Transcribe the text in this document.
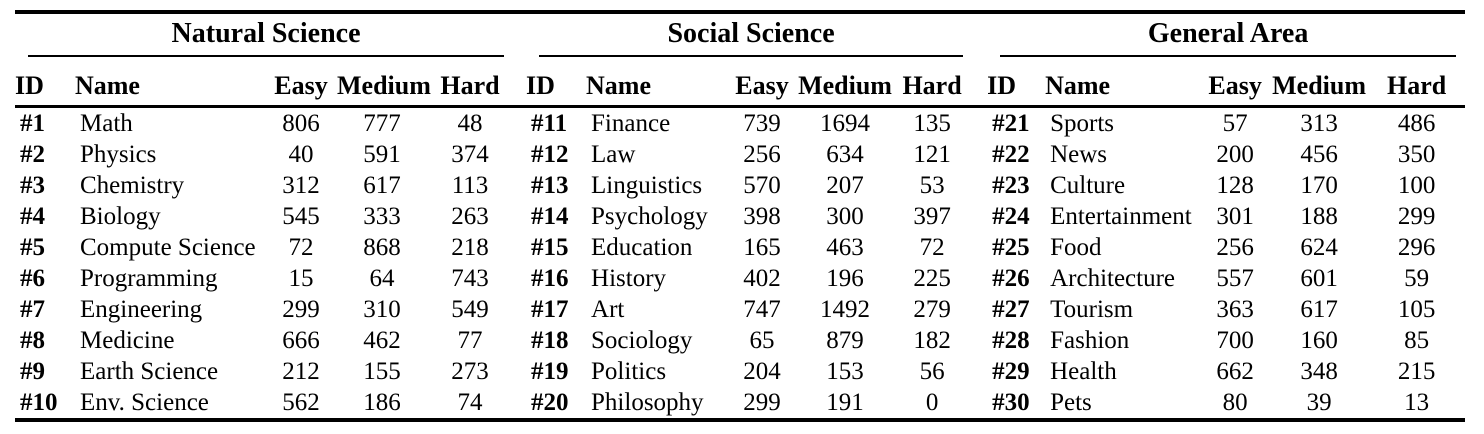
Natural Science						Social Science						General Area				

ID	Name	Easy	Medium	Hard		ID	Name	Easy	Medium	Hard		ID	Name	Easy	Medium	Hard
#1	Math	806	777	48		#11	Finance	739	1694	135		#21	Sports	57	313	486
#2	Physics	40	591	374		#12	Law	256	634	121		#22	News	200	456	350
#3	Chemistry	312	617	113		#13	Linguistics	570	207	53		#23	Culture	128	170	100
#4	Biology	545	333	263		#14	Psychology	398	300	397		#24	Entertainment	301	188	299
#5	Compute Science	72	868	218		#15	Education	165	463	72		#25	Food	256	624	296
#6	Programming	15	64	743		#16	History	402	196	225		#26	Architecture	557	601	59
#7	Engineering	299	310	549		#17	Art	747	1492	279		#27	Tourism	363	617	105
#8	Medicine	666	462	77		#18	Sociology	65	879	182		#28	Fashion	700	160	85
#9	Earth Science	212	155	273		#19	Politics	204	153	56		#29	Health	662	348	215
#10	Env. Science	562	186	74		#20	Philosophy	299	191	0		#30	Pets	80	39	13
